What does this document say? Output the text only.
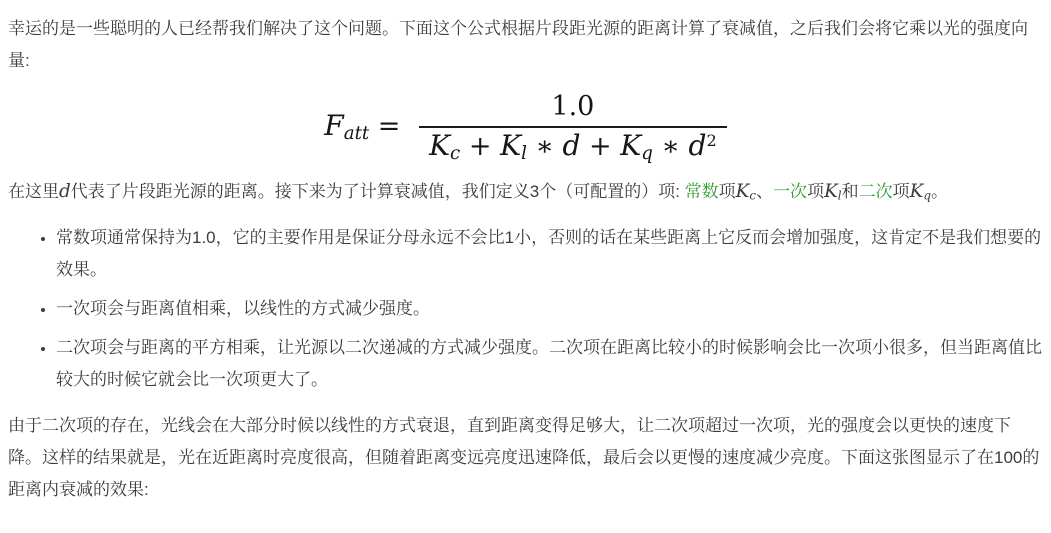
幸运的是一些聪明的人已经帮我们解决了这个问题。下面这个公式根据片段距光源的距离计算了衰减值，之后我们会将它乘以光的强度向量:

Fatt = $\frac{1.0}{Kc + Kl ∗ d + Kq ∗ d^2}$

在这里d代表了片段距光源的距离。接下来为了计算衰减值，我们定义3个（可配置的）项: 常数项Kc、一次项Kl和二次项Kq。

• 常数项通常保持为1.0，它的主要作用是保证分母永远不会比1小，否则的话在某些距离上它反而会增加强度，这肯定不是我们想要的效果。
• 一次项会与距离值相乘，以线性的方式减少强度。
• 二次项会与距离的平方相乘，让光源以二次递减的方式减少强度。二次项在距离比较小的时候影响会比一次项小很多，但当距离值比较大的时候它就会比一次项更大了。

由于二次项的存在，光线会在大部分时候以线性的方式衰退，直到距离变得足够大，让二次项超过一次项，光的强度会以更快的速度下降。这样的结果就是，光在近距离时亮度很高，但随着距离变远亮度迅速降低，最后会以更慢的速度减少亮度。下面这张图显示了在100的距离内衰减的效果:
